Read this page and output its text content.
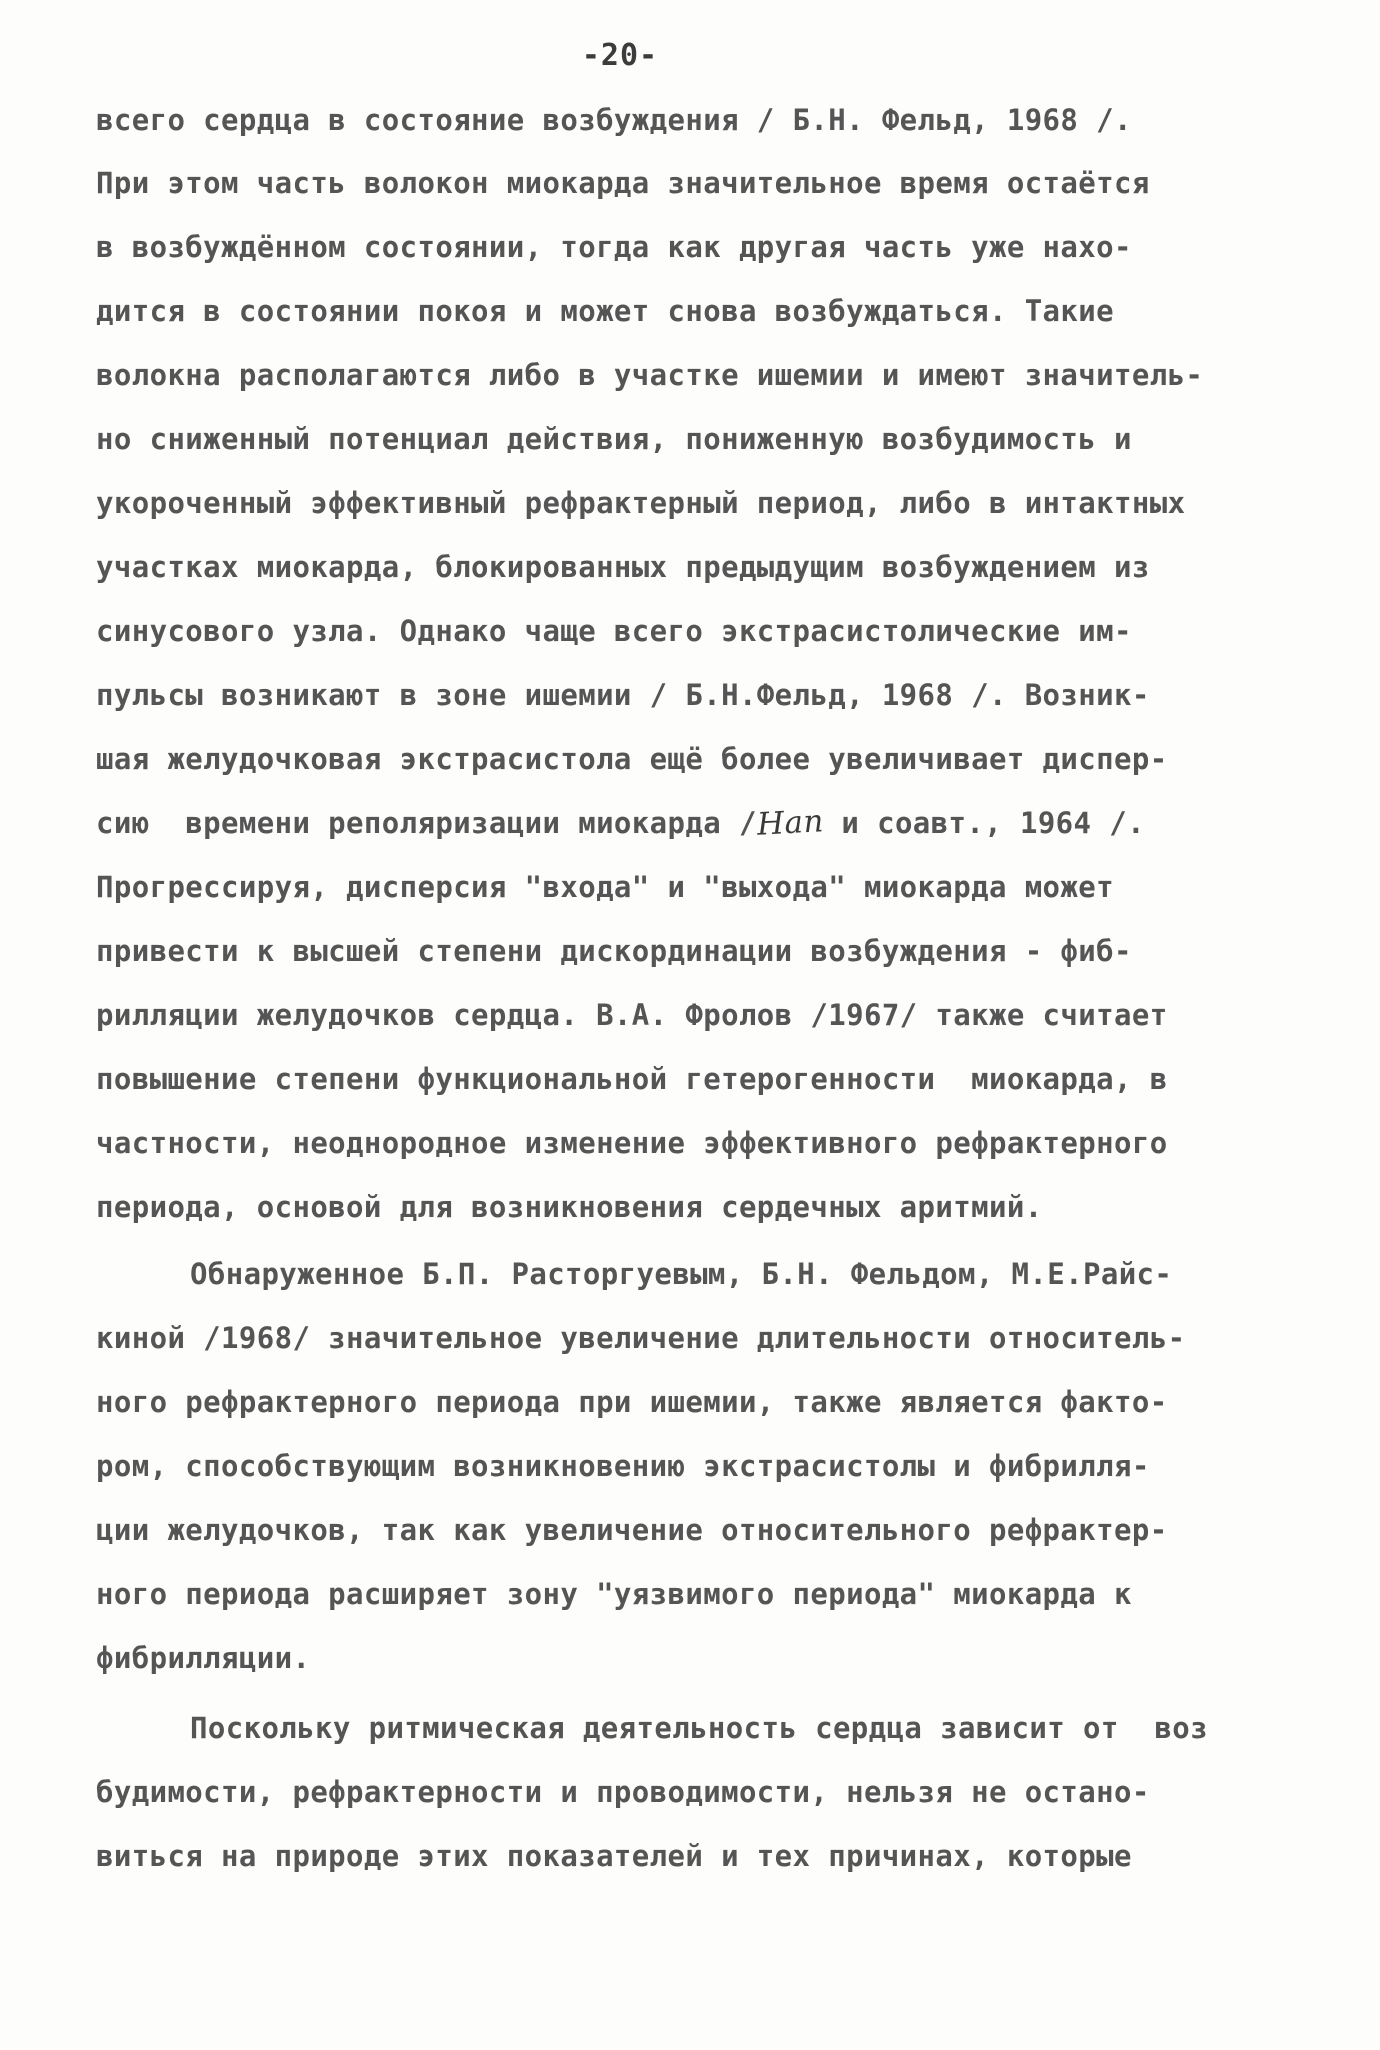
-20-
всего сердца в состояние возбуждения / Б.Н. Фельд, 1968 /.
При этом часть волокон миокарда значительное время остаётся
в возбуждённом состоянии, тогда как другая часть уже нахо-
дится в состоянии покоя и может снова возбуждаться. Такие
волокна располагаются либо в участке ишемии и имеют значитель-
но сниженный потенциал действия, пониженную возбудимость и
укороченный эффективный рефрактерный период, либо в интактных
участках миокарда, блокированных предыдущим возбуждением из
синусового узла. Однако чаще всего экстрасистолические им-
пульсы возникают в зоне ишемии / Б.Н.Фельд, 1968 /. Возник-
шая желудочковая экстрасистола ещё более увеличивает диспер-
сию  времени реполяризации миокарда /Han и соавт., 1964 /.
Прогрессируя, дисперсия "входа" и "выхода" миокарда может
привести к высшей степени дискординации возбуждения - фиб-
рилляции желудочков сердца. В.А. Фролов /1967/ также считает
повышение степени функциональной гетерогенности  миокарда, в
частности, неоднородное изменение эффективного рефрактерного
периода, основой для возникновения сердечных аритмий.
Обнаруженное Б.П. Расторгуевым, Б.Н. Фельдом, М.Е.Райс-
киной /1968/ значительное увеличение длительности относитель-
ного рефрактерного периода при ишемии, также является факто-
ром, способствующим возникновению экстрасистолы и фибрилля-
ции желудочков, так как увеличение относительного рефрактер-
ного периода расширяет зону "уязвимого периода" миокарда к
фибрилляции.
Поскольку ритмическая деятельность сердца зависит от  воз
будимости, рефрактерности и проводимости, нельзя не остано-
виться на природе этих показателей и тех причинах, которые
